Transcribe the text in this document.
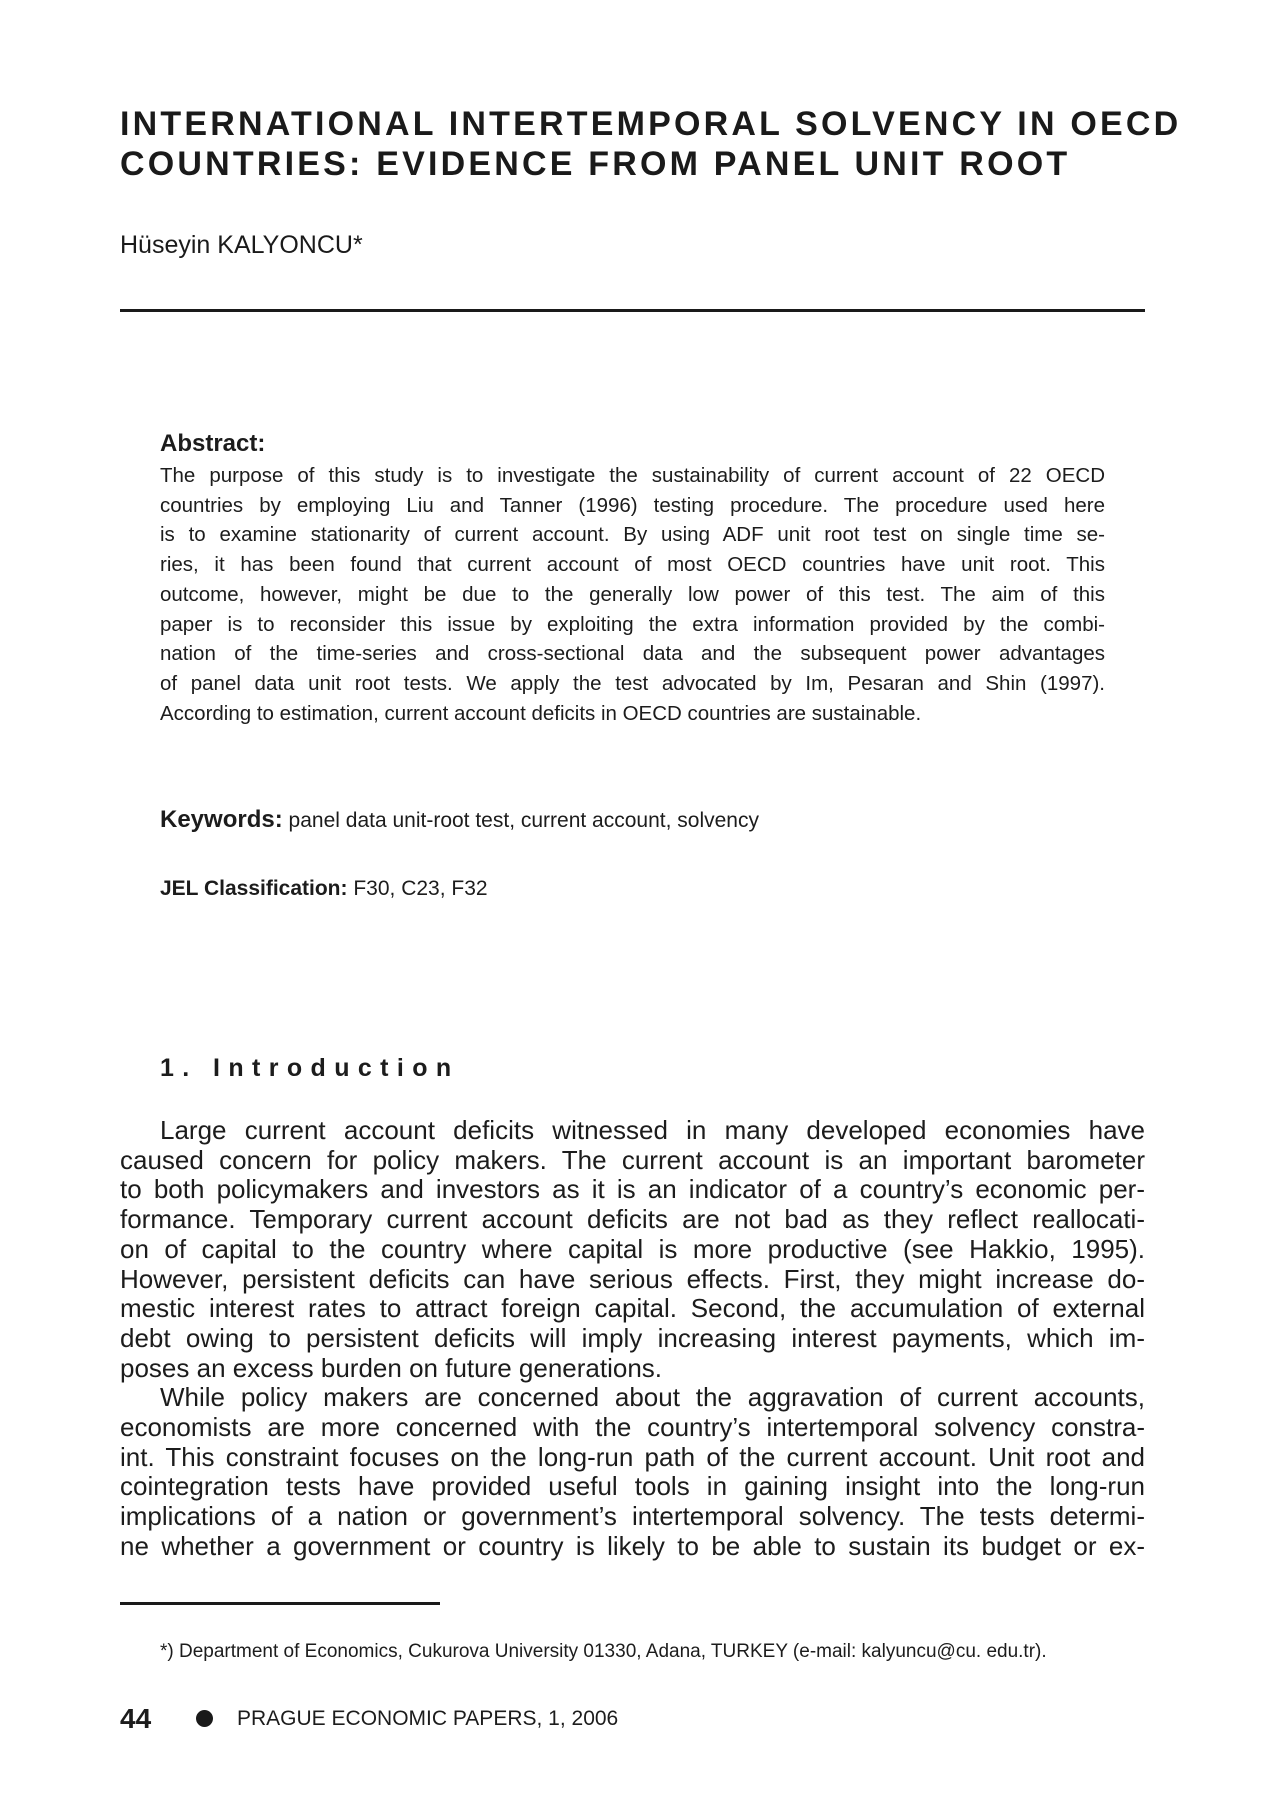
INTERNATIONAL INTERTEMPORAL SOLVENCY IN OECD
COUNTRIES: EVIDENCE FROM PANEL UNIT ROOT
Hüseyin KALYONCU*
Abstract:
The purpose of this study is to investigate the sustainability of current account of 22 OECD
countries by employing Liu and Tanner (1996) testing procedure. The procedure used here
is to examine stationarity of current account. By using ADF unit root test on single time se-
ries, it has been found that current account of most OECD countries have unit root. This
outcome, however, might be due to the generally low power of this test. The aim of this
paper is to reconsider this issue by exploiting the extra information provided by the combi-
nation of the time-series and cross-sectional data and the subsequent power advantages
of panel data unit root tests. We apply the test advocated by Im, Pesaran and Shin (1997).
According to estimation, current account deficits in OECD countries are sustainable.
Keywords: panel data unit-root test, current account, solvency
JEL Classification: F30, C23, F32
1. Introduction
Large current account deficits witnessed in many developed economies have
caused concern for policy makers. The current account is an important barometer
to both policymakers and investors as it is an indicator of a country’s economic per-
formance. Temporary current account deficits are not bad as they reflect reallocati-
on of capital to the country where capital is more productive (see Hakkio, 1995).
However, persistent deficits can have serious effects. First, they might increase do-
mestic interest rates to attract foreign capital. Second, the accumulation of external
debt owing to persistent deficits will imply increasing interest payments, which im-
poses an excess burden on future generations.
While policy makers are concerned about the aggravation of current accounts,
economists are more concerned with the country’s intertemporal solvency constra-
int. This constraint focuses on the long-run path of the current account. Unit root and
cointegration tests have provided useful tools in gaining insight into the long-run
implications of a nation or government’s intertemporal solvency. The tests determi-
ne whether a government or country is likely to be able to sustain its budget or ex-
*) Department of Economics, Cukurova University 01330, Adana, TURKEY (e-mail: kalyuncu@cu. edu.tr).
44	PRAGUE ECONOMIC PAPERS, 1, 2006
